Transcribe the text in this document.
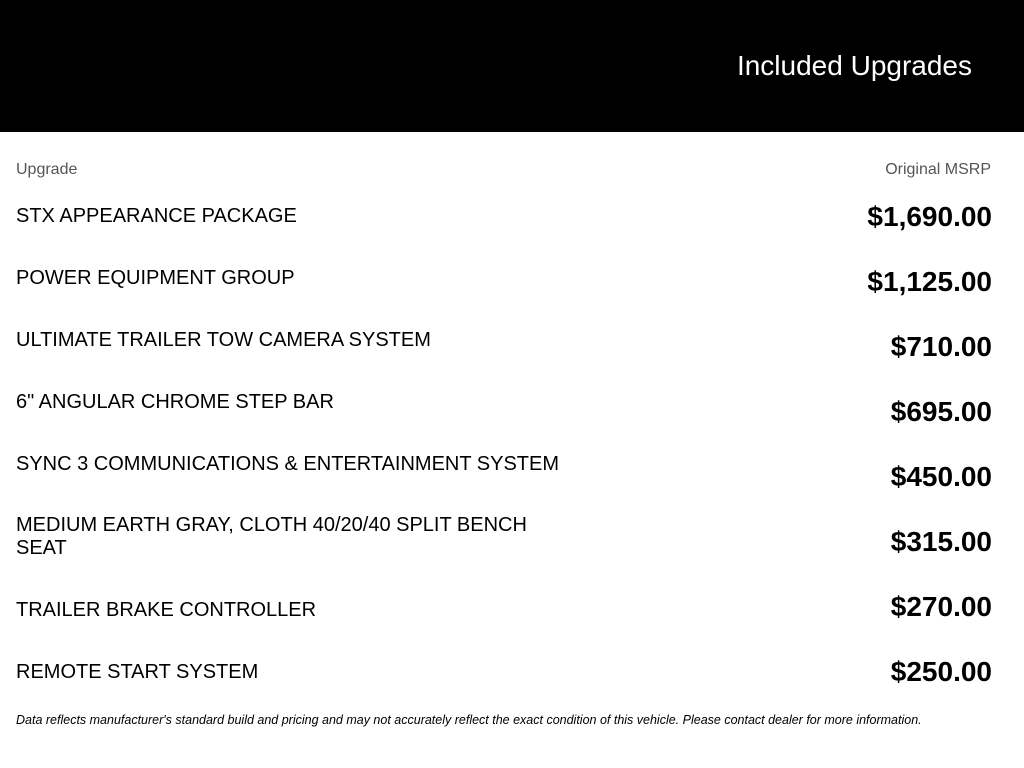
Included Upgrades
Upgrade	Original MSRP
STX APPEARANCE PACKAGE	$1,690.00
POWER EQUIPMENT GROUP	$1,125.00
ULTIMATE TRAILER TOW CAMERA SYSTEM	$710.00
6" ANGULAR CHROME STEP BAR	$695.00
SYNC 3 COMMUNICATIONS & ENTERTAINMENT SYSTEM	$450.00
MEDIUM EARTH GRAY, CLOTH 40/20/40 SPLIT BENCH SEAT	$315.00
TRAILER BRAKE CONTROLLER	$270.00
REMOTE START SYSTEM	$250.00
Data reflects manufacturer's standard build and pricing and may not accurately reflect the exact condition of this vehicle. Please contact dealer for more information.
